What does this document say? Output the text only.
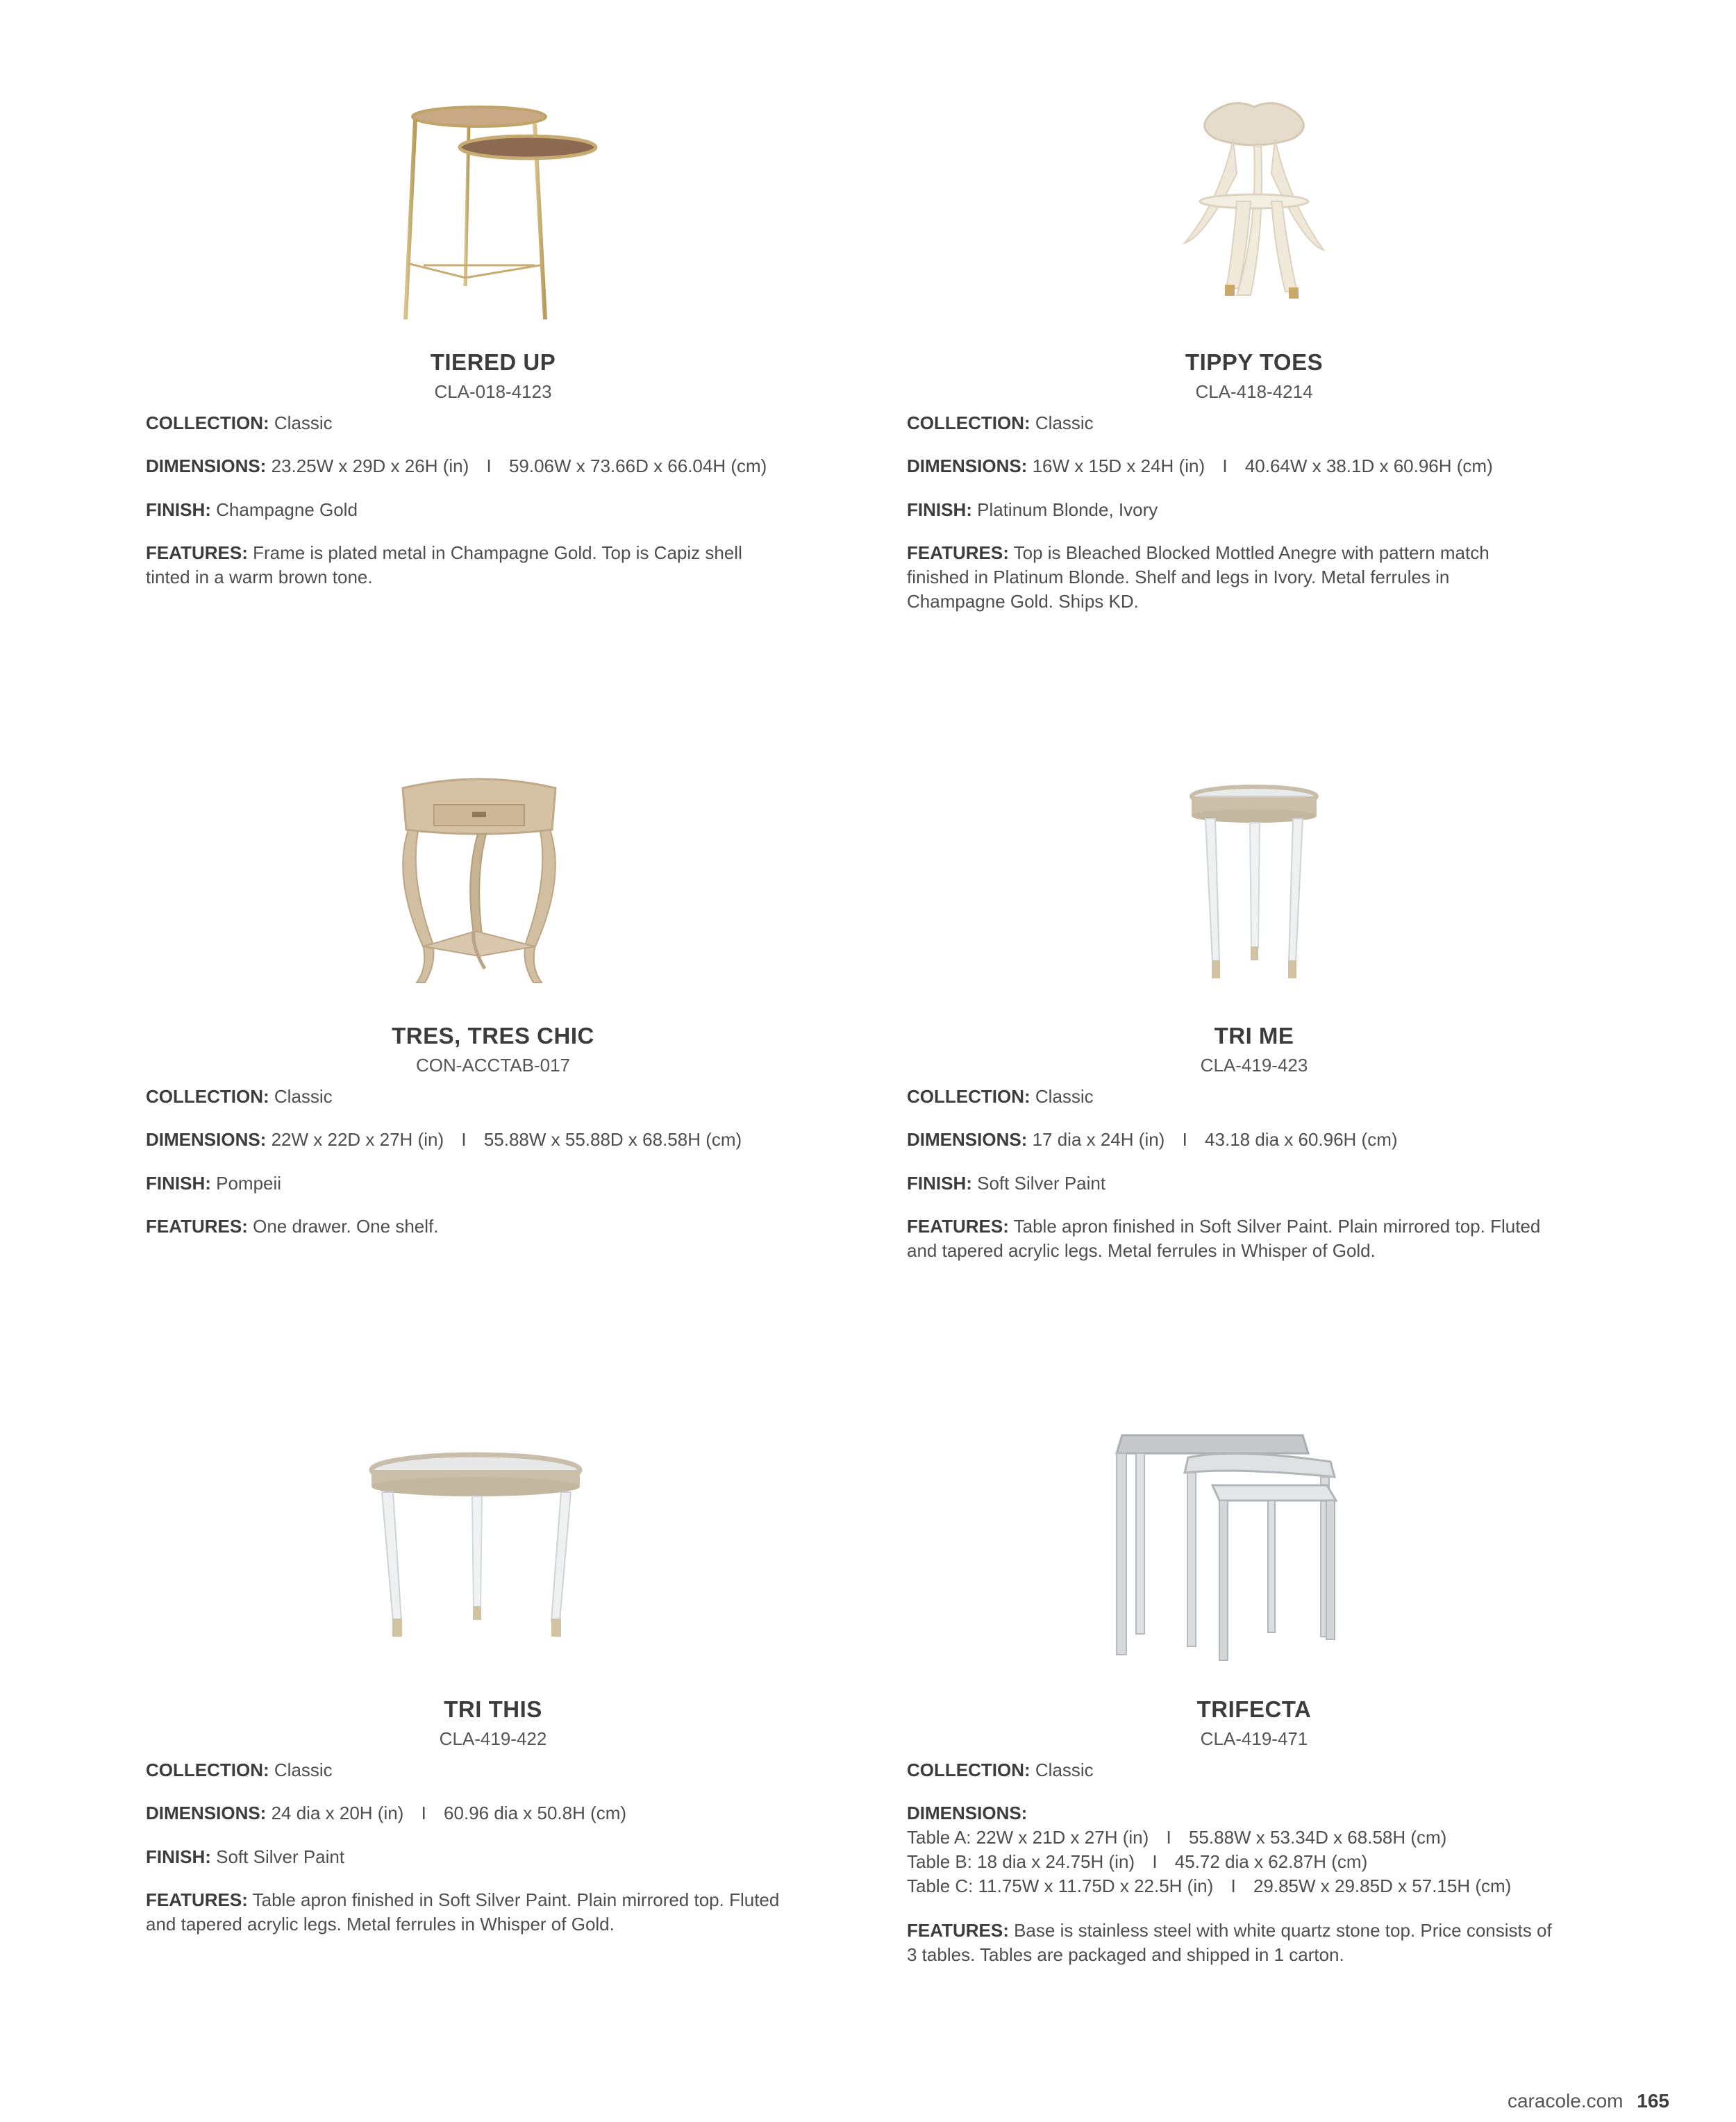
TIERED UP
CLA-018-4123
COLLECTION: Classic
DIMENSIONS: 23.25W x 29D x 26H (in) I 59.06W x 73.66D x 66.04H (cm)
FINISH: Champagne Gold
FEATURES: Frame is plated metal in Champagne Gold. Top is Capiz shell
tinted in a warm brown tone.
TIPPY TOES
CLA-418-4214
COLLECTION: Classic
DIMENSIONS: 16W x 15D x 24H (in) I 40.64W x 38.1D x 60.96H (cm)
FINISH: Platinum Blonde, Ivory
FEATURES: Top is Bleached Blocked Mottled Anegre with pattern match
finished in Platinum Blonde. Shelf and legs in Ivory. Metal ferrules in
Champagne Gold. Ships KD.
TRES, TRES CHIC
CON-ACCTAB-017
COLLECTION: Classic
DIMENSIONS: 22W x 22D x 27H (in) I 55.88W x 55.88D x 68.58H (cm)
FINISH: Pompeii
FEATURES: One drawer. One shelf.
TRI ME
CLA-419-423
COLLECTION: Classic
DIMENSIONS: 17 dia x 24H (in) I 43.18 dia x 60.96H (cm)
FINISH: Soft Silver Paint
FEATURES: Table apron finished in Soft Silver Paint. Plain mirrored top. Fluted
and tapered acrylic legs. Metal ferrules in Whisper of Gold.
TRI THIS
CLA-419-422
COLLECTION: Classic
DIMENSIONS: 24 dia x 20H (in) I 60.96 dia x 50.8H (cm)
FINISH: Soft Silver Paint
FEATURES: Table apron finished in Soft Silver Paint. Plain mirrored top. Fluted
and tapered acrylic legs. Metal ferrules in Whisper of Gold.
TRIFECTA
CLA-419-471
COLLECTION: Classic
DIMENSIONS:
Table A: 22W x 21D x 27H (in) I 55.88W x 53.34D x 68.58H (cm)
Table B: 18 dia x 24.75H (in) I 45.72 dia x 62.87H (cm)
Table C: 11.75W x 11.75D x 22.5H (in) I 29.85W x 29.85D x 57.15H (cm)
FEATURES: Base is stainless steel with white quartz stone top. Price consists of
3 tables. Tables are packaged and shipped in 1 carton.
caracole.com 165
